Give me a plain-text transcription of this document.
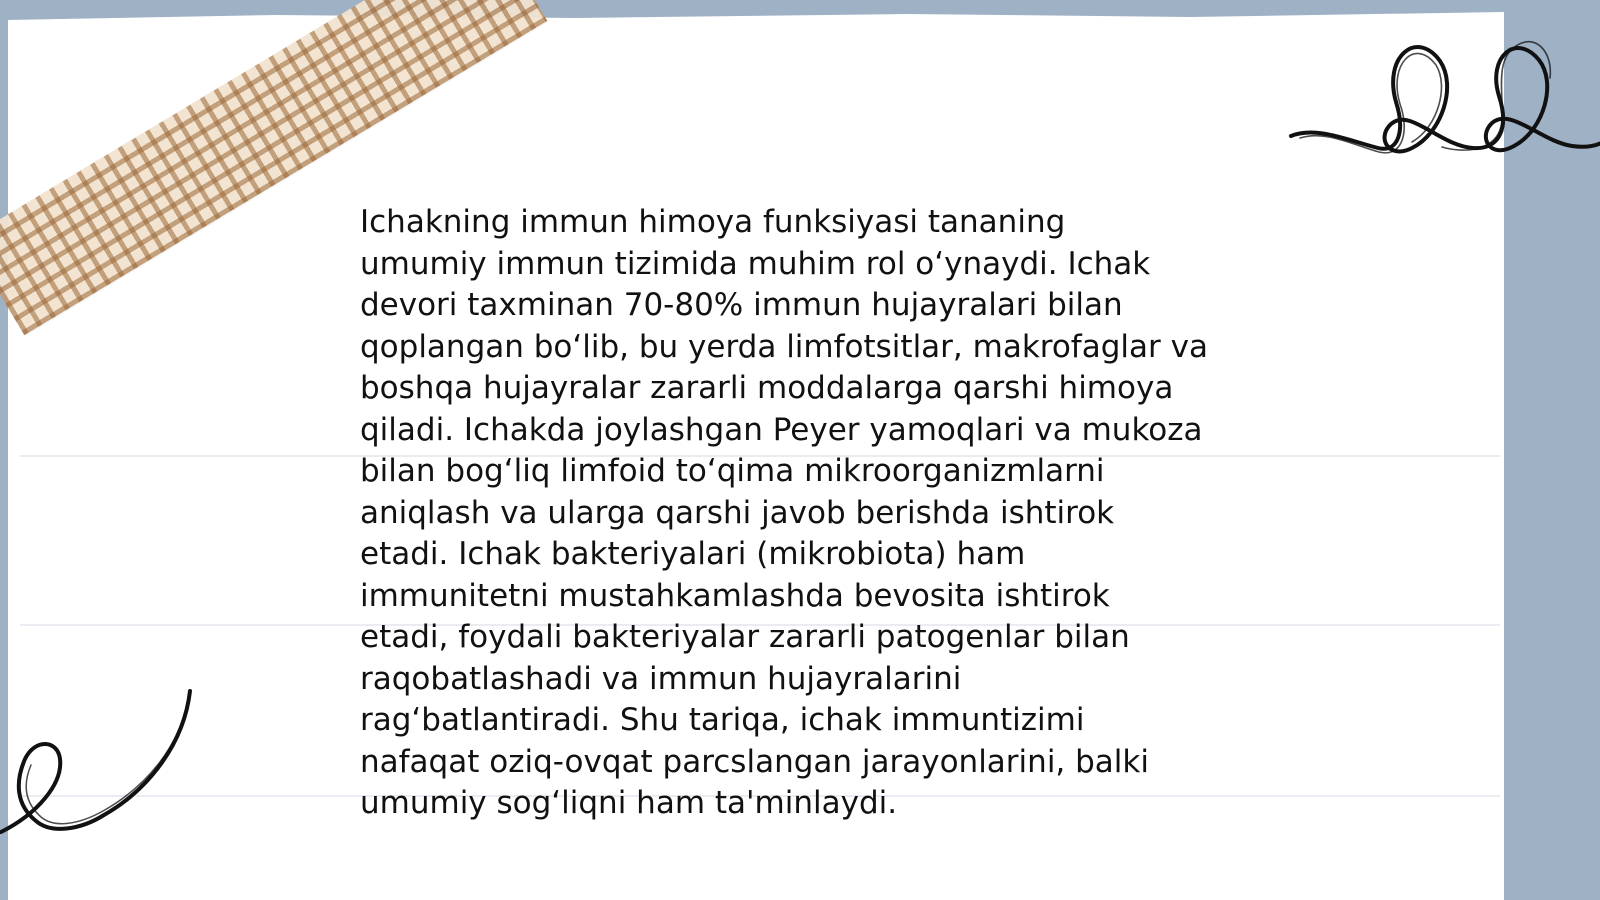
Ichakning immun himoya funksiyasi tananing
umumiy immun tizimida muhim rol o‘ynaydi. Ichak
devori taxminan 70-80% immun hujayralari bilan
qoplangan bo‘lib, bu yerda limfotsitlar, makrofaglar va
boshqa hujayralar zararli moddalarga qarshi himoya
qiladi. Ichakda joylashgan Peyer yamoqlari va mukoza
bilan bog‘liq limfoid to‘qima mikroorganizmlarni
aniqlash va ularga qarshi javob berishda ishtirok
etadi. Ichak bakteriyalari (mikrobiota) ham
immunitetni mustahkamlashda bevosita ishtirok
etadi, foydali bakteriyalar zararli patogenlar bilan
raqobatlashadi va immun hujayralarini
rag‘batlantiradi. Shu tariqa, ichak immuntizimi
nafaqat oziq-ovqat parcslangan jarayonlarini, balki
umumiy sog‘liqni ham ta'minlaydi.
